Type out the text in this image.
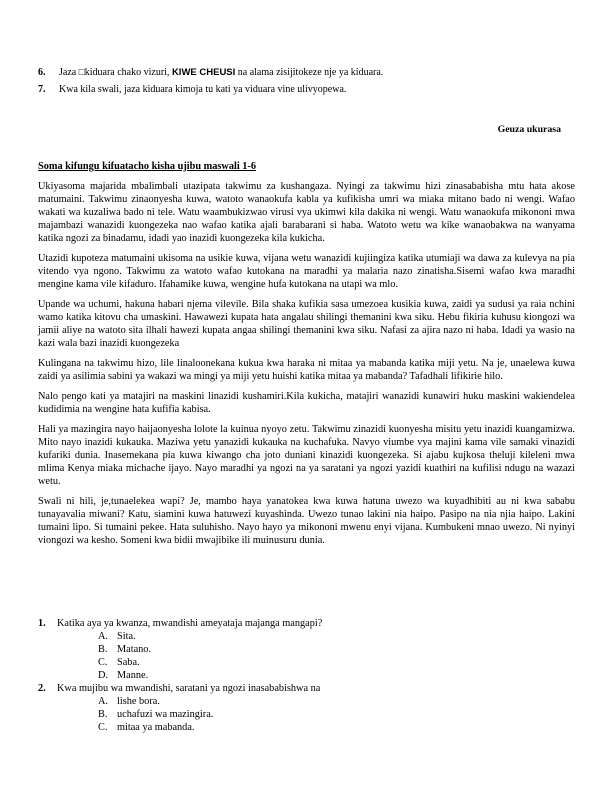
6.	Jaza □kiduara chako vizuri, KIWE CHEUSI na alama zisijitokeze nje ya kiduara.
7.	Kwa kila swali, jaza kiduara kimoja tu kati ya viduara vine ulivyopewa.
Geuza ukurasa
Soma kifungu kifuatacho kisha ujibu maswali 1-6

Ukiyasoma majarida mbalimbali utazipata takwimu za kushangaza. Nyingi za takwimu hizi zinasababisha mtu hata akose matumaini. Takwimu zinaonyesha kuwa, watoto wanaokufa kabla ya kufikisha umri wa miaka mitano bado ni wengi. Wafao wakati wa kuzaliwa bado ni tele. Watu waambukizwao virusi vya ukimwi kila dakika ni wengi. Watu wanaokufa mikononi mwa majambazi wanazidi kuongezeka nao wafao katika ajali barabarani si haba. Watoto wetu wa kike wanaobakwa na wanyama katika ngozi za binadamu, idadi yao inazidi kuongezeka kila kukicha.

Utazidi kupoteza matumaini ukisoma na usikie kuwa, vijana wetu wanazidi kujiingiza katika utumiaji wa dawa za kulevya na pia vitendo vya ngono. Takwimu za watoto wafao kutokana na maradhi ya malaria nazo zinatisha.Sisemi wafao kwa maradhi mengine kama vile kifaduro. Ifahamike kuwa, wengine hufa kutokana na utapi wa mlo.

Upande wa uchumi, hakuna habari njema vilevile. Bila shaka kufikia sasa umezoea kusikia kuwa, zaidi ya sudusi ya raia nchini wamo katika kitovu cha umaskini. Hawawezi kupata hata angalau shilingi themanini kwa siku. Hebu fikiria kuhusu kiongozi wa jamii aliye na watoto sita ilhali hawezi kupata angaa shilingi themanini kwa siku. Nafasi za ajira nazo ni haba. Idadi ya wasio na kazi wala bazi inazidi kuongezeka

Kulingana na takwimu hizo, lile linaloonekana kukua kwa haraka ni mitaa ya mabanda katika miji yetu. Na je, unaelewa kuwa zaidi ya asilimia sabini ya wakazi wa mingi ya miji yetu huishi katika mitaa ya mabanda? Tafadhali lifikirie hilo.

Nalo pengo kati ya matajiri na maskini linazidi kushamiri.Kila kukicha, matajiri wanazidi kunawiri huku maskini wakiendelea kudidimia na wengine hata kufifia kabisa.

Hali ya mazingira nayo haijaonyesha lolote la kuinua nyoyo zetu. Takwimu zinazidi kuonyesha misitu yetu inazidi kuangamizwa. Mito nayo inazidi kukauka. Maziwa yetu yanazidi kukauka na kuchafuka. Navyo viumbe vya majini kama vile samaki vinazidi kufariki dunia. Inasemekana pia kuwa kiwango cha joto duniani kinazidi kuongezeka. Si ajabu kujkosa theluji kileleni mwa mlima Kenya miaka michache ijayo. Nayo maradhi ya ngozi na ya saratani ya ngozi yazidi kuathiri na kufilisi ndugu na wazazi wetu.

Swali ni hili, je,tunaelekea wapi? Je, mambo haya yanatokea kwa kuwa hatuna uwezo wa kuyadhibiti au ni kwa sababu tunayavalia miwani? Katu, siamini kuwa hatuwezi kuyashinda. Uwezo tunao lakini nia haipo. Pasipo na nia njia haipo. Lakini tumaini lipo. Si tumaini pekee. Hata suluhisho. Nayo hayo ya mikononi mwenu enyi vijana. Kumbukeni mnao uwezo. Ni nyinyi viongozi wa kesho. Someni kwa bidii mwajibike ili muinusuru dunia.

1.	Katika aya ya kwanza, mwandishi ameyataja majanga mangapi?
A. Sita.
B. Matano.
C. Saba.
D. Manne.
2.	Kwa mujibu wa mwandishi, saratani ya ngozi inasababishwa na
A. lishe bora.
B. uchafuzi wa mazingira.
C. mitaa ya mabanda.
